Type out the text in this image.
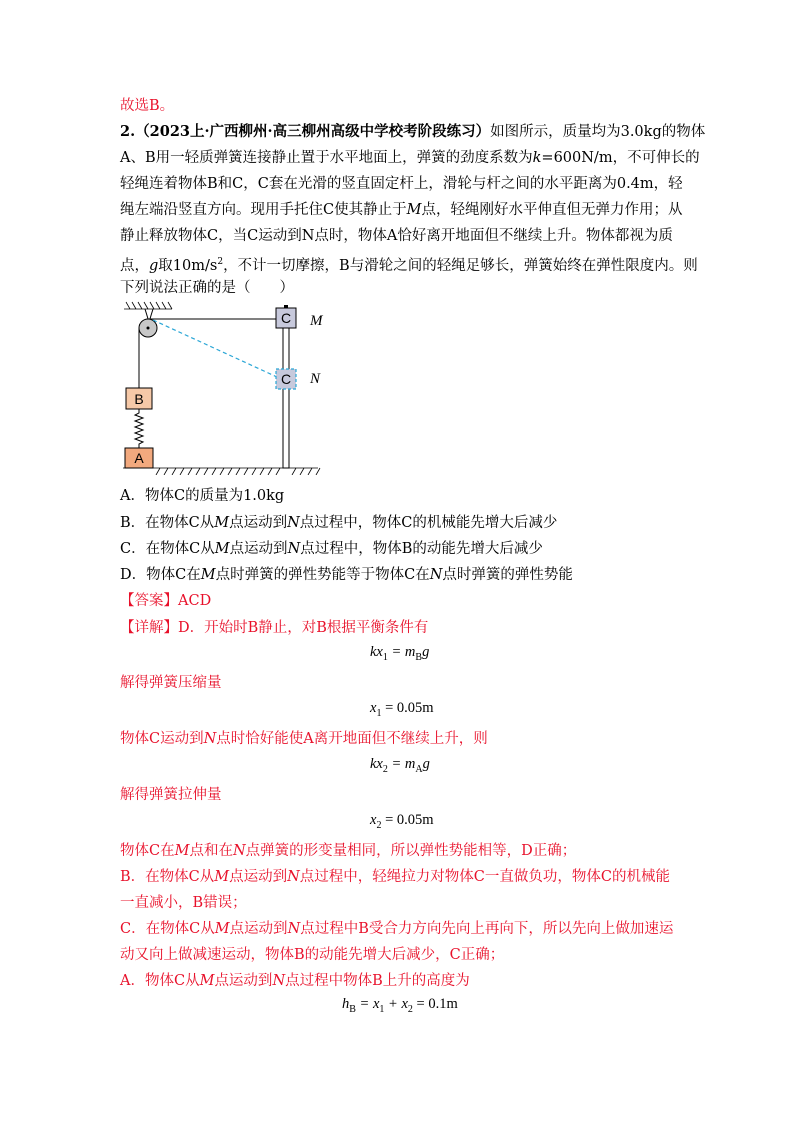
故选B。
2.（2023上·广西柳州·高三柳州高级中学校考阶段练习）如图所示，质量均为3.0kg的物体
A、B用一轻质弹簧连接静止置于水平地面上，弹簧的劲度系数为k=600N/m，不可伸长的
轻绳连着物体B和C，C套在光滑的竖直固定杆上，滑轮与杆之间的水平距离为0.4m，轻
绳左端沿竖直方向。现用手托住C使其静止于M点，轻绳刚好水平伸直但无弹力作用；从
静止释放物体C，当C运动到N点时，物体A恰好离开地面但不继续上升。物体都视为质
点，g取$10m/s^2$，不计一切摩擦，B与滑轮之间的轻绳足够长，弹簧始终在弹性限度内。则
下列说法正确的是（　　）
C M
C N
B
A
A．物体C的质量为1.0kg
B．在物体C从M点运动到N点过程中，物体C的机械能先增大后减少
C．在物体C从M点运动到N点过程中，物体B的动能先增大后减少
D．物体C在M点时弹簧的弹性势能等于物体C在N点时弹簧的弹性势能
【答案】ACD
【详解】D．开始时B静止，对B根据平衡条件有
$kx_1 = m_Bg$
解得弹簧压缩量
$x_1 = 0.05m$
物体C运动到N点时恰好能使A离开地面但不继续上升，则
$kx_2 = m_Ag$
解得弹簧拉伸量
$x_2 = 0.05m$
物体C在M点和在N点弹簧的形变量相同，所以弹性势能相等，D正确；
B．在物体C从M点运动到N点过程中，轻绳拉力对物体C一直做负功，物体C的机械能
一直减小，B错误；
C．在物体C从M点运动到N点过程中B受合力方向先向上再向下，所以先向上做加速运
动又向上做减速运动，物体B的动能先增大后减少，C正确；
A．物体C从M点运动到N点过程中物体B上升的高度为
$h_B = x_1 + x_2 = 0.1m$
